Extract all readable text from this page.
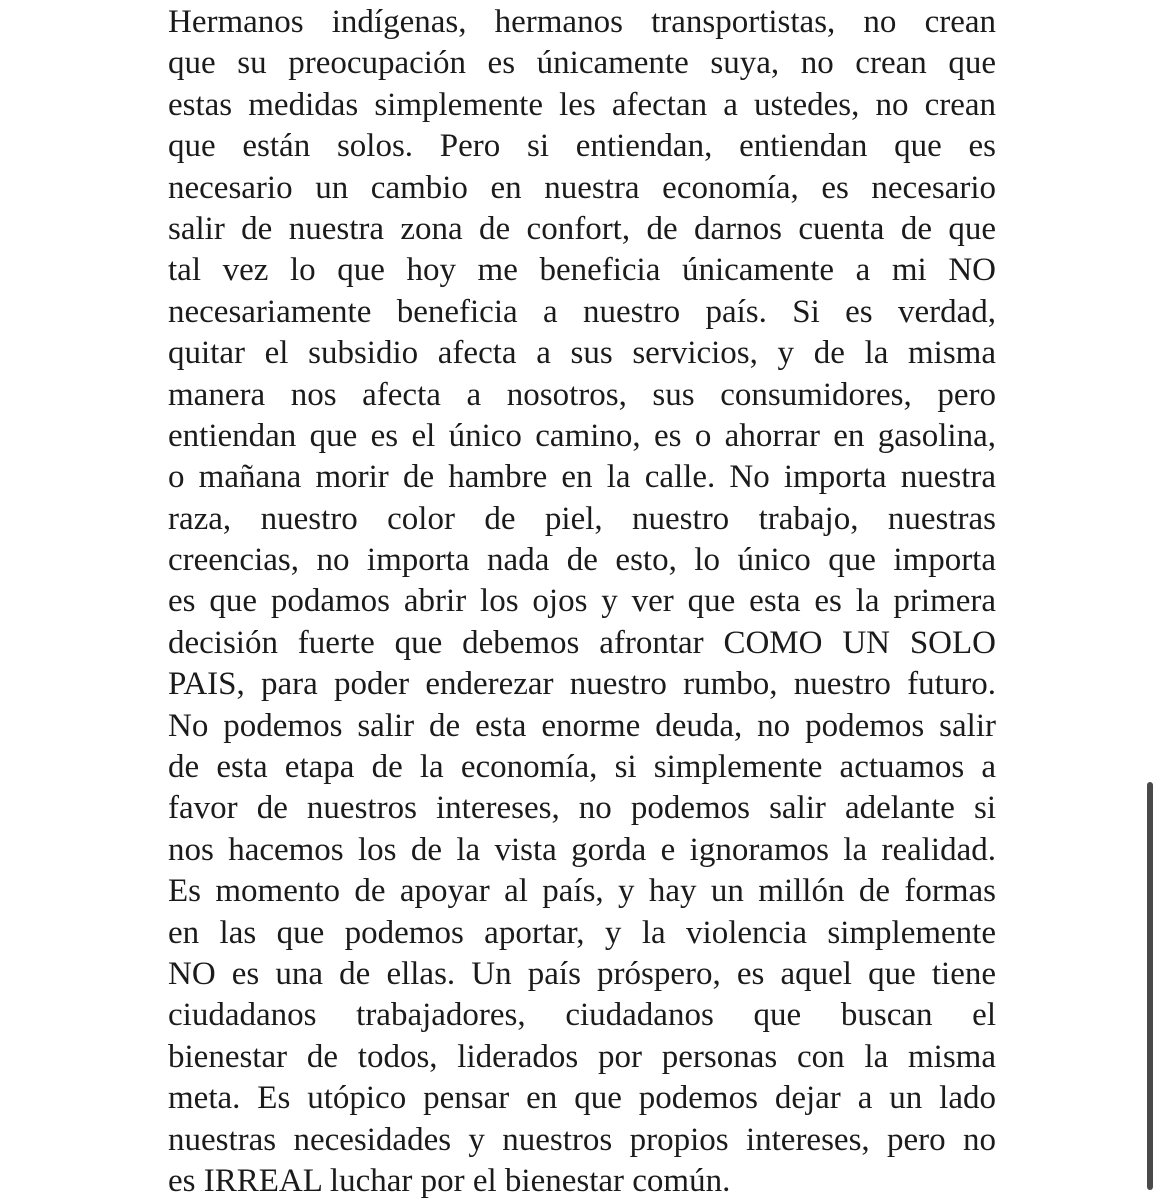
Hermanos indígenas, hermanos transportistas, no crean
que su preocupación es únicamente suya, no crean que
estas medidas simplemente les afectan a ustedes, no crean
que están solos. Pero si entiendan, entiendan que es
necesario un cambio en nuestra economía, es necesario
salir de nuestra zona de confort, de darnos cuenta de que
tal vez lo que hoy me beneficia únicamente a mi NO
necesariamente beneficia a nuestro país. Si es verdad,
quitar el subsidio afecta a sus servicios, y de la misma
manera nos afecta a nosotros, sus consumidores, pero
entiendan que es el único camino, es o ahorrar en gasolina,
o mañana morir de hambre en la calle. No importa nuestra
raza, nuestro color de piel, nuestro trabajo, nuestras
creencias, no importa nada de esto, lo único que importa
es que podamos abrir los ojos y ver que esta es la primera
decisión fuerte que debemos afrontar COMO UN SOLO
PAIS, para poder enderezar nuestro rumbo, nuestro futuro.
No podemos salir de esta enorme deuda, no podemos salir
de esta etapa de la economía, si simplemente actuamos a
favor de nuestros intereses, no podemos salir adelante si
nos hacemos los de la vista gorda e ignoramos la realidad.
Es momento de apoyar al país, y hay un millón de formas
en las que podemos aportar, y la violencia simplemente
NO es una de ellas. Un país próspero, es aquel que tiene
ciudadanos trabajadores, ciudadanos que buscan el
bienestar de todos, liderados por personas con la misma
meta. Es utópico pensar en que podemos dejar a un lado
nuestras necesidades y nuestros propios intereses, pero no
es IRREAL luchar por el bienestar común.
